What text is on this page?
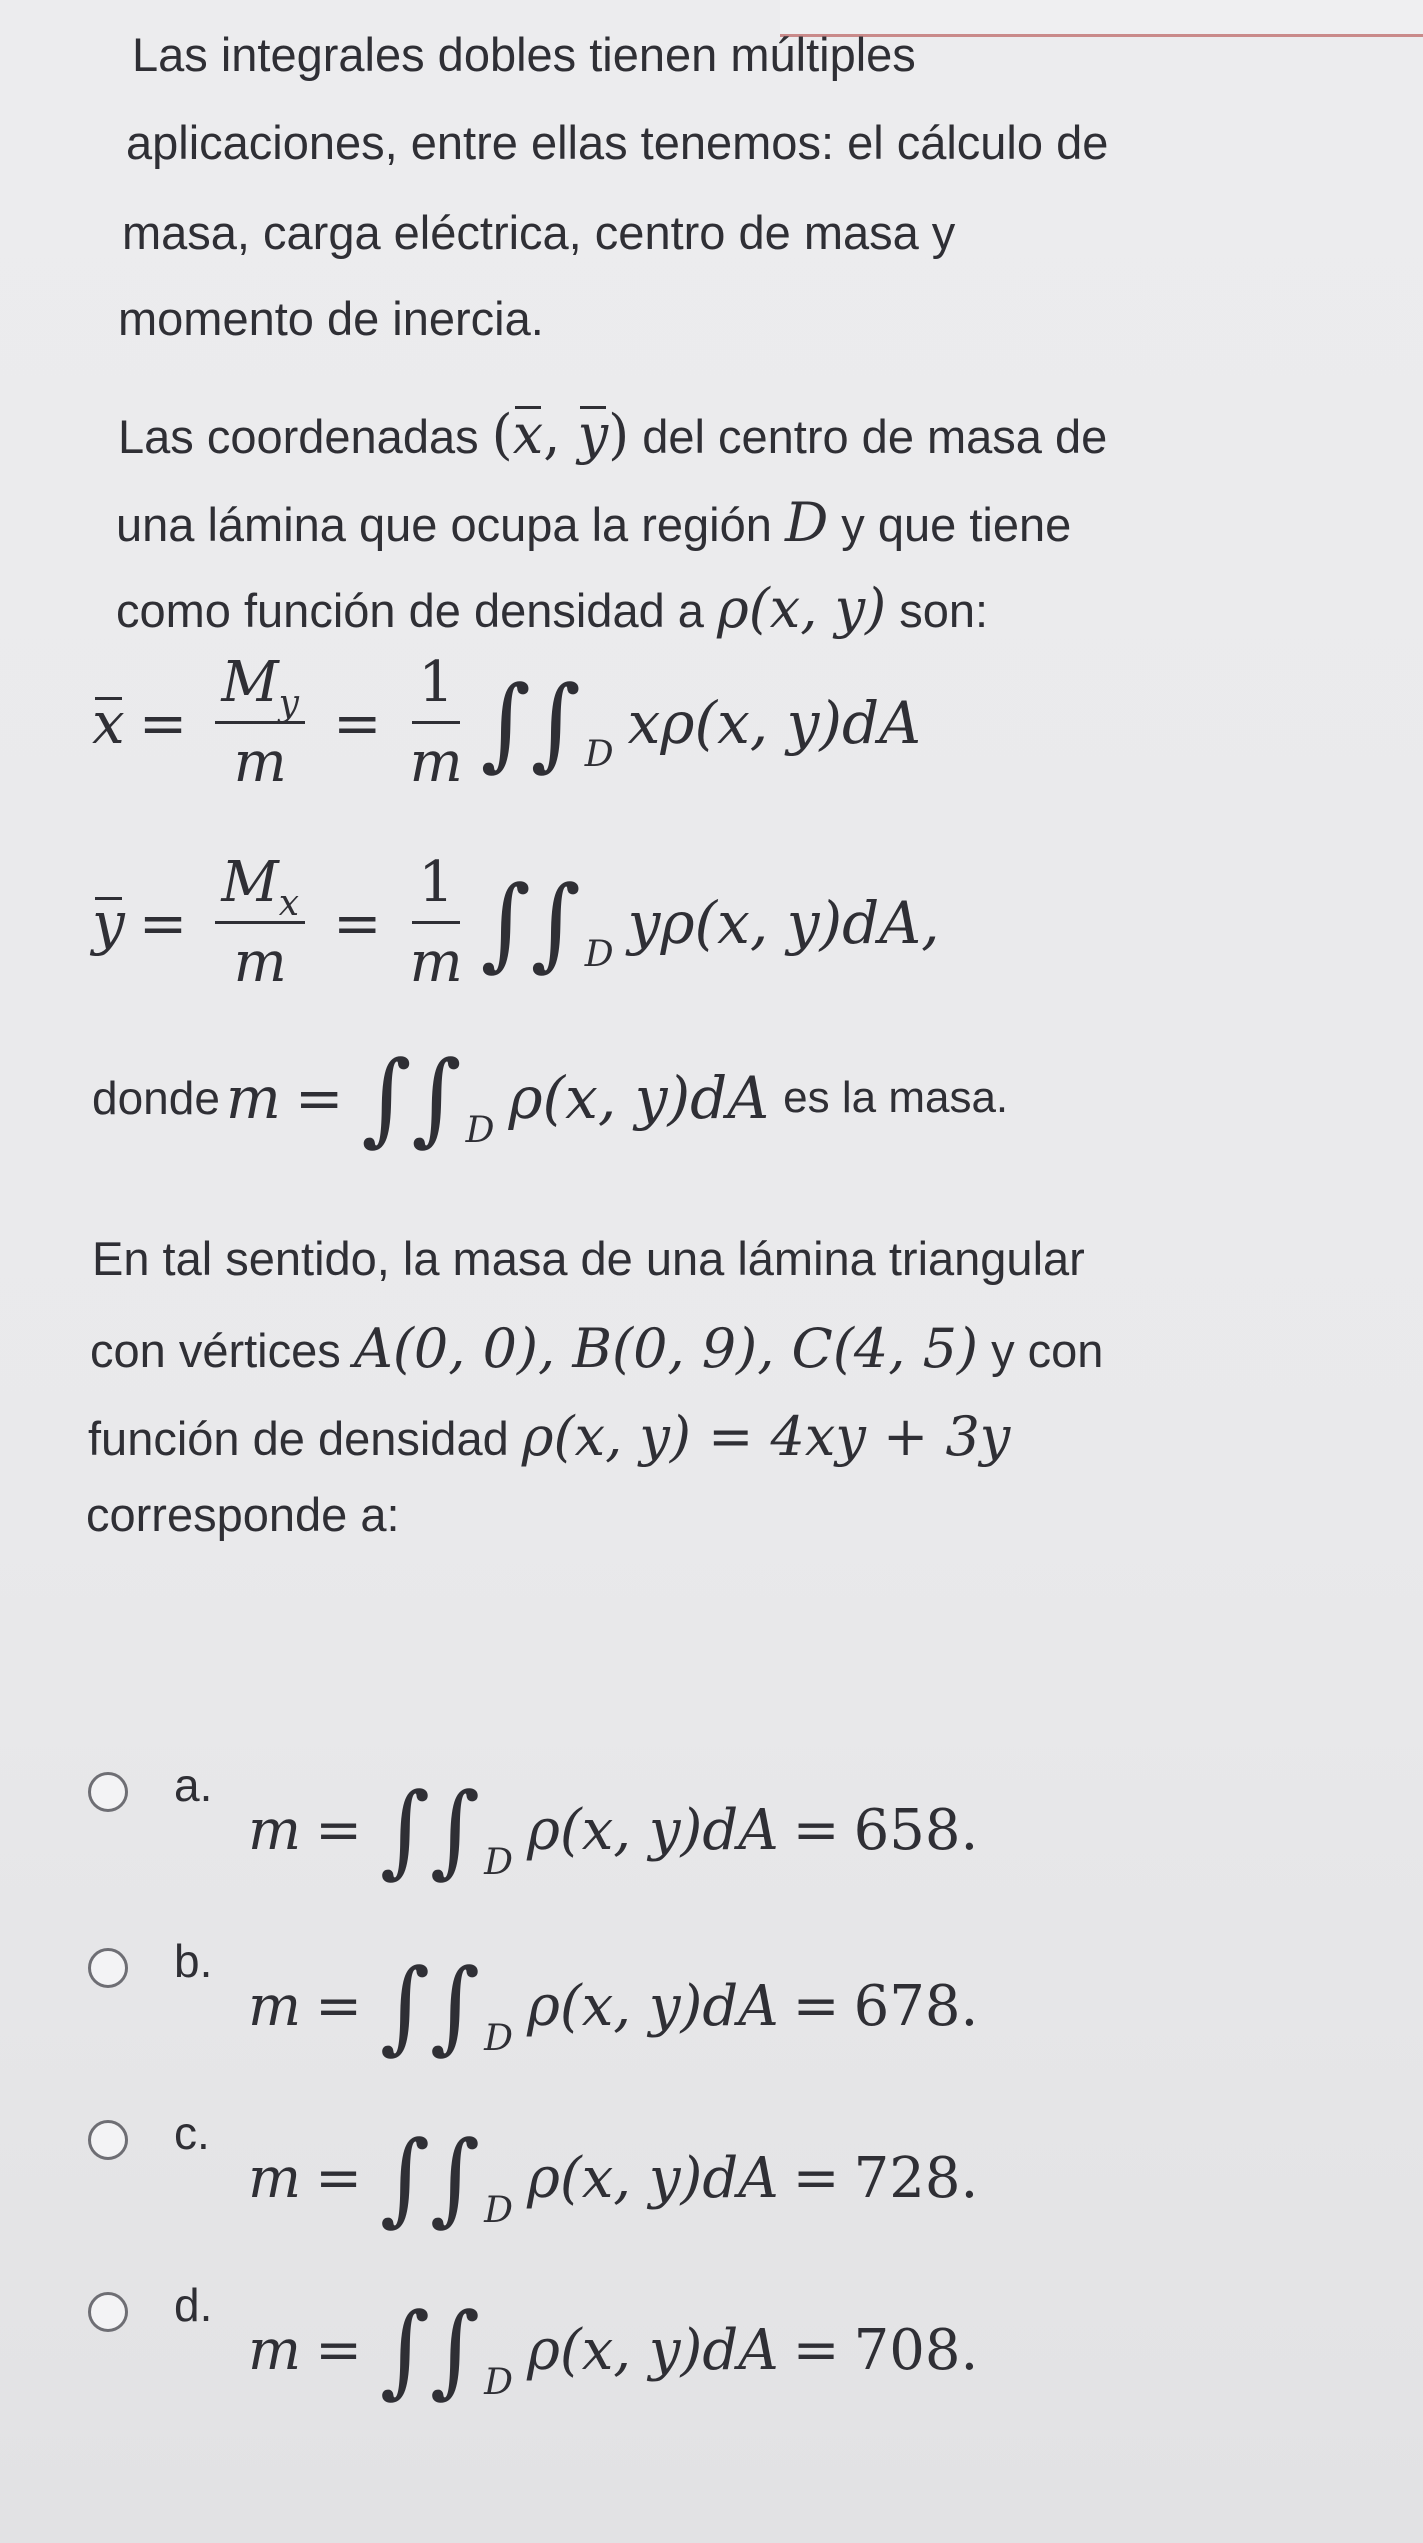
Las integrales dobles tienen múltiples
aplicaciones, entre ellas tenemos: el cálculo de
masa, carga eléctrica, centro de masa y
momento de inercia.
Las coordenadas (x, y) del centro de masa de
una lámina que ocupa la región D y que tiene
como función de densidad a ρ(x, y) son:
$x = \frac{M_y}{m} = \frac{1}{m}$ ∫∫ D xρ(x, y)dA
$y = \frac{M_x}{m} = \frac{1}{m}$ ∫∫ D yρ(x, y)dA,
donde m = ∫∫ D ρ(x, y)dA es la masa.
En tal sentido, la masa de una lámina triangular
con vértices A(0, 0), B(0, 9), C(4, 5) y con
función de densidad ρ(x, y) = 4xy + 3y
corresponde a:
a.
m = ∫∫ D ρ(x, y)dA = 658.
b.
m = ∫∫ D ρ(x, y)dA = 678.
c.
m = ∫∫ D ρ(x, y)dA = 728.
d.
m = ∫∫ D ρ(x, y)dA = 708.
